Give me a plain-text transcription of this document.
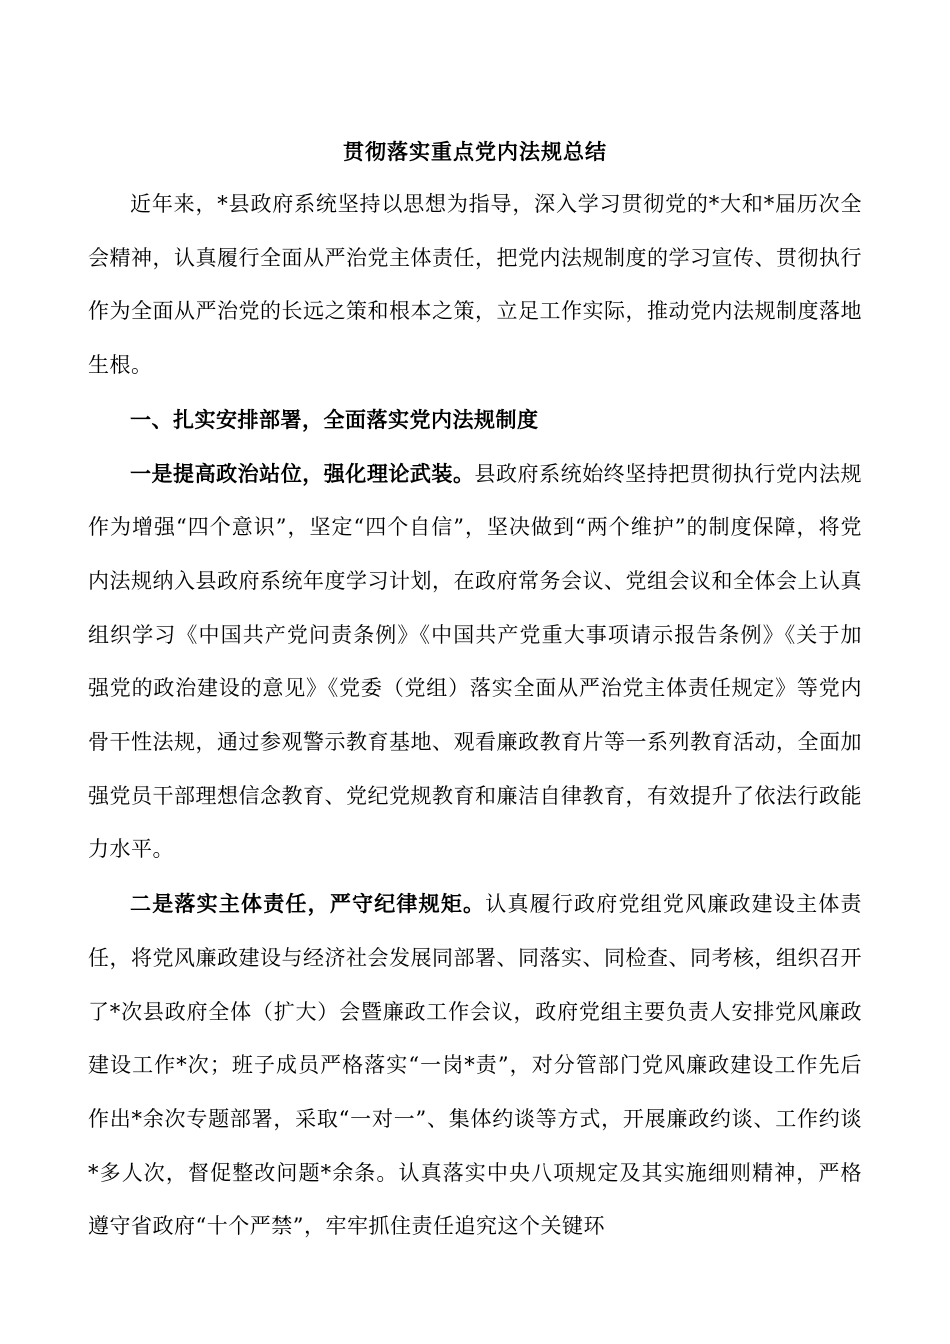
贯彻落实重点党内法规总结

近年来，*县政府系统坚持以思想为指导，深入学习贯彻党的*大和*届历次全会精神，认真履行全面从严治党主体责任，把党内法规制度的学习宣传、贯彻执行作为全面从严治党的长远之策和根本之策，立足工作实际，推动党内法规制度落地生根。

一、扎实安排部署，全面落实党内法规制度

一是提高政治站位，强化理论武装。县政府系统始终坚持把贯彻执行党内法规作为增强“四个意识”，坚定“四个自信”，坚决做到“两个维护”的制度保障，将党内法规纳入县政府系统年度学习计划，在政府常务会议、党组会议和全体会上认真组织学习《中国共产党问责条例》《中国共产党重大事项请示报告条例》《关于加强党的政治建设的意见》《党委（党组）落实全面从严治党主体责任规定》等党内骨干性法规，通过参观警示教育基地、观看廉政教育片等一系列教育活动，全面加强党员干部理想信念教育、党纪党规教育和廉洁自律教育，有效提升了依法行政能力水平。

二是落实主体责任，严守纪律规矩。认真履行政府党组党风廉政建设主体责任，将党风廉政建设与经济社会发展同部署、同落实、同检查、同考核，组织召开了*次县政府全体（扩大）会暨廉政工作会议，政府党组主要负责人安排党风廉政建设工作*次；班子成员严格落实“一岗*责”，对分管部门党风廉政建设工作先后作出*余次专题部署，采取“一对一”、集体约谈等方式，开展廉政约谈、工作约谈*多人次，督促整改问题*余条。认真落实中央八项规定及其实施细则精神，严格遵守省政府“十个严禁”，牢牢抓住责任追究这个关键环
